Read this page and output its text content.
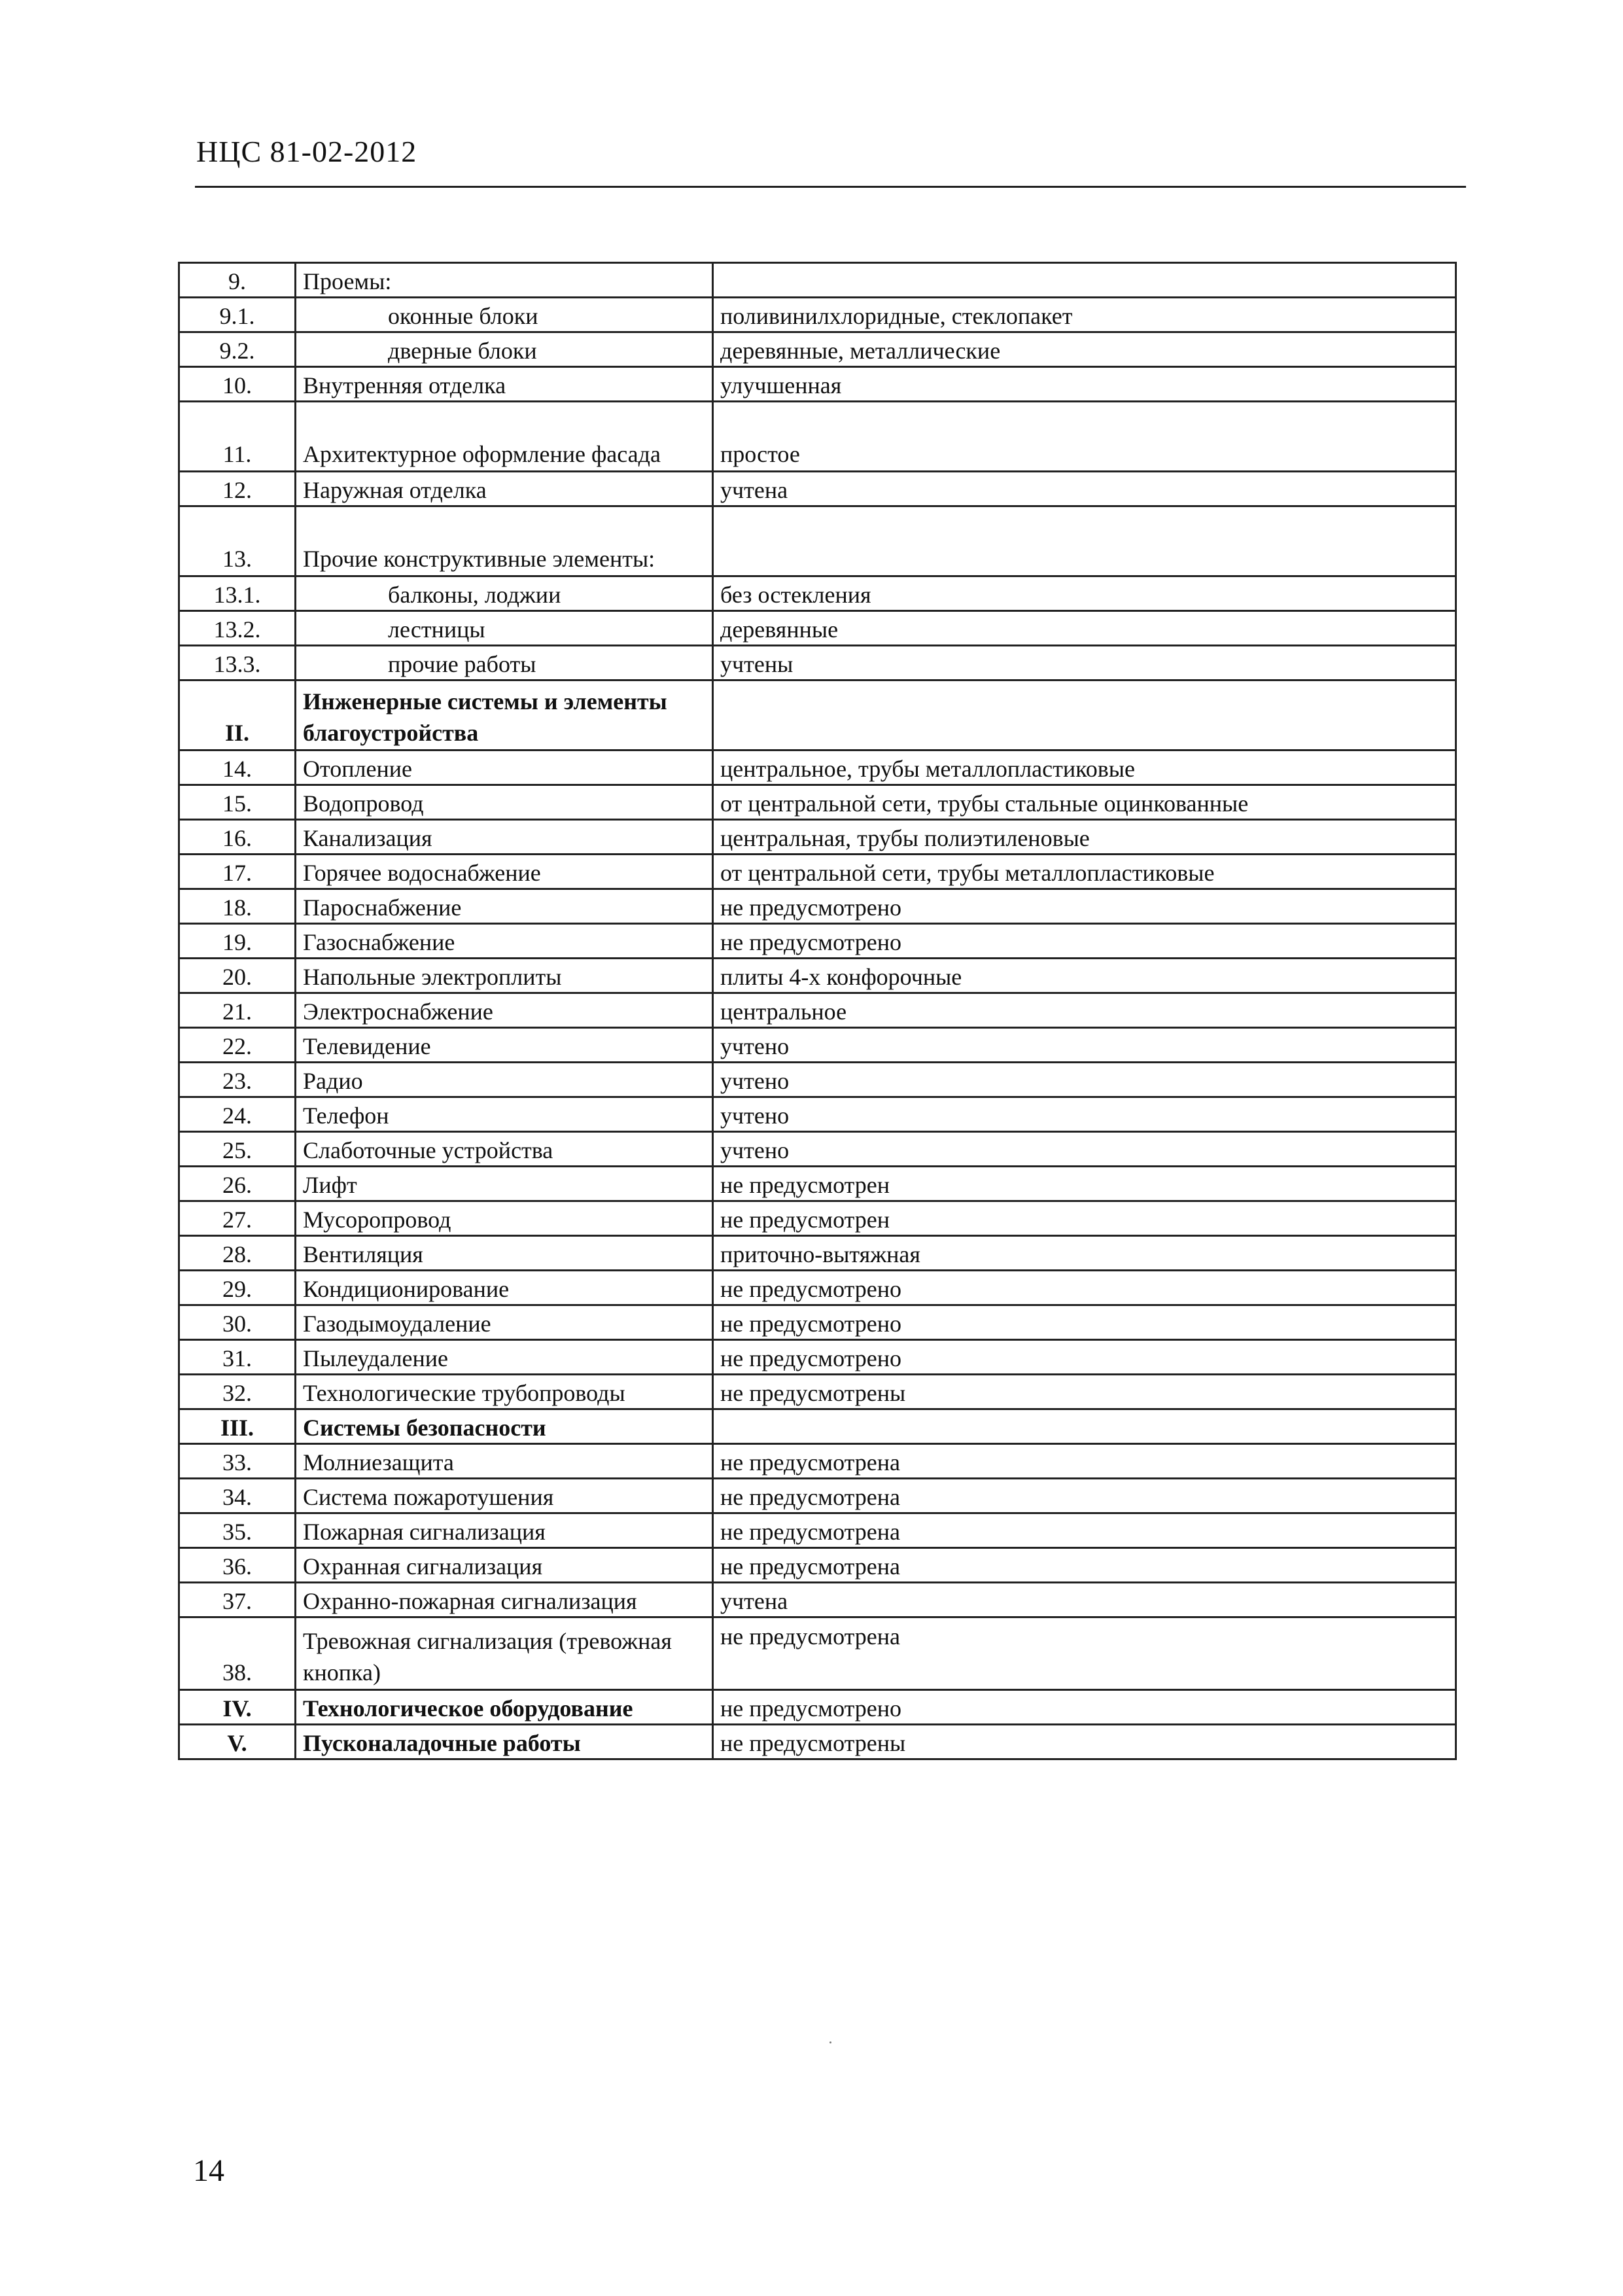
НЦС 81-02-2012
9.	Проемы:	
9.1.	оконные блоки	поливинилхлоридные, стеклопакет
9.2.	дверные блоки	деревянные, металлические
10.	Внутренняя отделка	улучшенная
11.	Архитектурное оформление фасада	простое
12.	Наружная отделка	учтена
13.	Прочие конструктивные элементы:	
13.1.	балконы, лоджии	без остекления
13.2.	лестницы	деревянные
13.3.	прочие работы	учтены
II.	Инженерные системы и элементы благоустройства	
14.	Отопление	центральное, трубы металлопластиковые
15.	Водопровод	от центральной сети, трубы стальные оцинкованные
16.	Канализация	центральная, трубы полиэтиленовые
17.	Горячее водоснабжение	от центральной сети, трубы металлопластиковые
18.	Пароснабжение	не предусмотрено
19.	Газоснабжение	не предусмотрено
20.	Напольные электроплиты	плиты 4-х конфорочные
21.	Электроснабжение	центральное
22.	Телевидение	учтено
23.	Радио	учтено
24.	Телефон	учтено
25.	Слаботочные устройства	учтено
26.	Лифт	не предусмотрен
27.	Мусоропровод	не предусмотрен
28.	Вентиляция	приточно-вытяжная
29.	Кондиционирование	не предусмотрено
30.	Газодымоудаление	не предусмотрено
31.	Пылеудаление	не предусмотрено
32.	Технологические трубопроводы	не предусмотрены
III.	Системы безопасности	
33.	Молниезащита	не предусмотрена
34.	Система пожаротушения	не предусмотрена
35.	Пожарная сигнализация	не предусмотрена
36.	Охранная сигнализация	не предусмотрена
37.	Охранно-пожарная сигнализация	учтена
38.	Тревожная сигнализация (тревожная кнопка)	не предусмотрена
IV.	Технологическое оборудование	не предусмотрено
V.	Пусконаладочные работы	не предусмотрены
14
